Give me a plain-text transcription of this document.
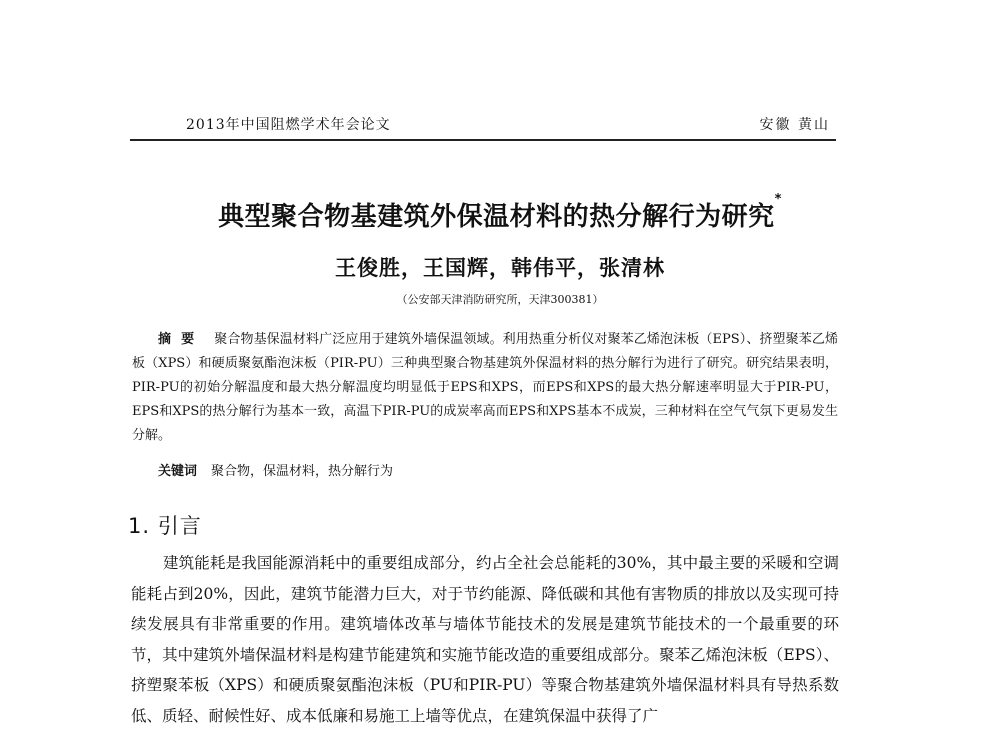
2013年中国阻燃学术年会论文	安徽 黄山
典型聚合物基建筑外保温材料的热分解行为研究*
王俊胜，王国辉，韩伟平，张清林
（公安部天津消防研究所，天津300381）
摘要 聚合物基保温材料广泛应用于建筑外墙保温领域。利用热重分析仪对聚苯乙烯泡沫板（EPS）、挤塑聚苯乙烯板（XPS）和硬质聚氨酯泡沫板（PIR-PU）三种典型聚合物基建筑外保温材料的热分解行为进行了研究。研究结果表明，PIR-PU的初始分解温度和最大热分解温度均明显低于EPS和XPS，而EPS和XPS的最大热分解速率明显大于PIR-PU，EPS和XPS的热分解行为基本一致，高温下PIR-PU的成炭率高而EPS和XPS基本不成炭，三种材料在空气气氛下更易发生分解。
关键词 聚合物，保温材料，热分解行为
1. 引言
建筑能耗是我国能源消耗中的重要组成部分，约占全社会总能耗的30%，其中最主要的采暖和空调能耗占到20%，因此，建筑节能潜力巨大，对于节约能源、降低碳和其他有害物质的排放以及实现可持续发展具有非常重要的作用。建筑墙体改革与墙体节能技术的发展是建筑节能技术的一个最重要的环节，其中建筑外墙保温材料是构建节能建筑和实施节能改造的重要组成部分。聚苯乙烯泡沫板（EPS）、挤塑聚苯板（XPS）和硬质聚氨酯泡沫板（PU和PIR-PU）等聚合物基建筑外墙保温材料具有导热系数低、质轻、耐候性好、成本低廉和易施工上墙等优点，在建筑保温中获得了广
